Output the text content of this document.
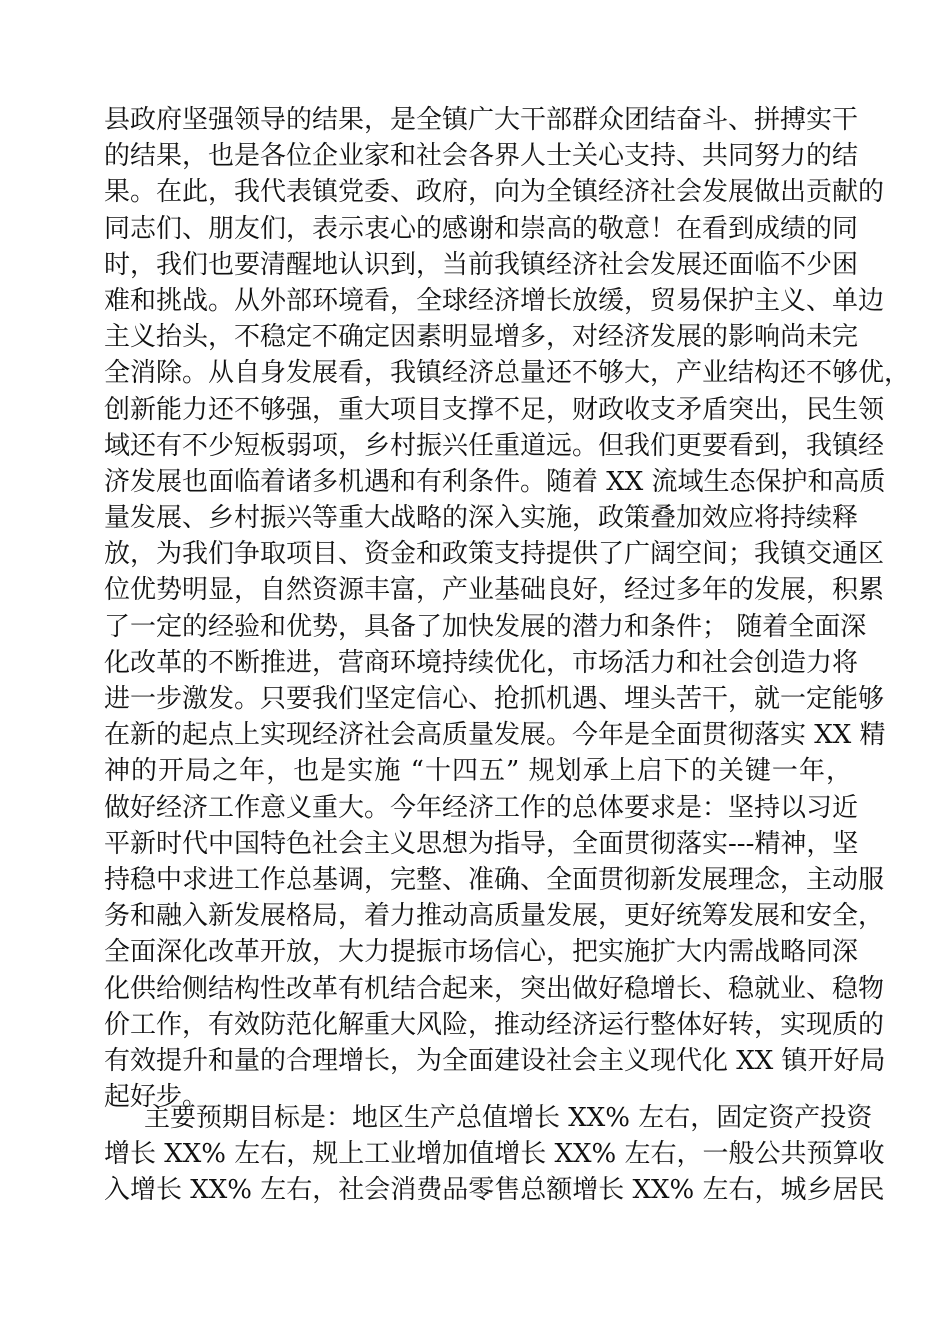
县政府坚强领导的结果，是全镇广大干部群众团结奋斗、拼搏实干
的结果，也是各位企业家和社会各界人士关心支持、共同努力的结
果。在此，我代表镇党委、政府，向为全镇经济社会发展做出贡献的
同志们、朋友们，表示衷心的感谢和崇高的敬意！在看到成绩的同
时，我们也要清醒地认识到，当前我镇经济社会发展还面临不少困
难和挑战。从外部环境看，全球经济增长放缓，贸易保护主义、单边
主义抬头，不稳定不确定因素明显增多，对经济发展的影响尚未完
全消除。从自身发展看，我镇经济总量还不够大，产业结构还不够优，
创新能力还不够强，重大项目支撑不足，财政收支矛盾突出，民生领
域还有不少短板弱项，乡村振兴任重道远。但我们更要看到，我镇经
济发展也面临着诸多机遇和有利条件。随着 XX 流域生态保护和高质
量发展、乡村振兴等重大战略的深入实施，政策叠加效应将持续释
放，为我们争取项目、资金和政策支持提供了广阔空间；我镇交通区
位优势明显，自然资源丰富，产业基础良好，经过多年的发展，积累
了一定的经验和优势，具备了加快发展的潜力和条件； 随着全面深
化改革的不断推进，营商环境持续优化，市场活力和社会创造力将
进一步激发。只要我们坚定信心、抢抓机遇、埋头苦干，就一定能够
在新的起点上实现经济社会高质量发展。今年是全面贯彻落实 XX 精
神的开局之年，也是实施 “十四五” 规划承上启下的关键一年，
做好经济工作意义重大。今年经济工作的总体要求是：坚持以习近
平新时代中国特色社会主义思想为指导，全面贯彻落实---精神，坚
持稳中求进工作总基调，完整、准确、全面贯彻新发展理念，主动服
务和融入新发展格局，着力推动高质量发展，更好统筹发展和安全，
全面深化改革开放，大力提振市场信心，把实施扩大内需战略同深
化供给侧结构性改革有机结合起来，突出做好稳增长、稳就业、稳物
价工作，有效防范化解重大风险，推动经济运行整体好转，实现质的
有效提升和量的合理增长，为全面建设社会主义现代化 XX 镇开好局
起好步。
主要预期目标是：地区生产总值增长 XX% 左右，固定资产投资
增长 XX% 左右，规上工业增加值增长 XX% 左右，一般公共预算收
入增长 XX% 左右，社会消费品零售总额增长 XX% 左右，城乡居民
